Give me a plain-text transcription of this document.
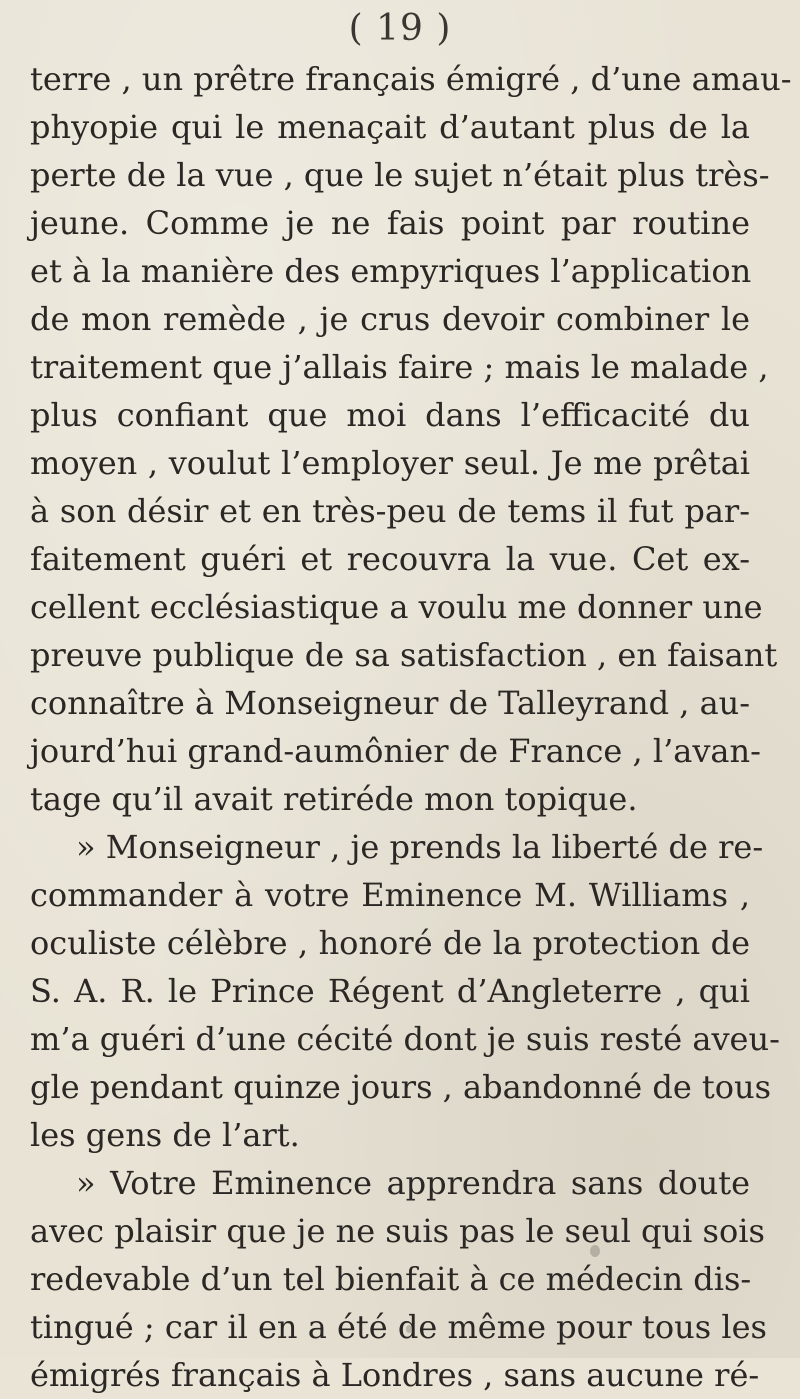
( 19 )
terre , un prêtre français émigré , d’une amau-
phyopie qui le menaçait d’autant plus de la
perte de la vue , que le sujet n’était plus très-
jeune. Comme je ne fais point par routine
et à la manière des empyriques l’application
de mon remède , je crus devoir combiner le
traitement que j’allais faire ; mais le malade ,
plus confiant que moi dans l’efficacité du
moyen , voulut l’employer seul. Je me prêtai
à son désir et en très-peu de tems il fut par-
faitement guéri et recouvra la vue. Cet ex-
cellent ecclésiastique a voulu me donner une
preuve publique de sa satisfaction , en faisant
connaître à Monseigneur de Talleyrand , au-
jourd’hui grand-aumônier de France , l’avan-
tage qu’il avait retiréde mon topique.
» Monseigneur , je prends la liberté de re-
commander à votre Eminence M. Williams ,
oculiste célèbre , honoré de la protection de
S. A. R. le Prince Régent d’Angleterre , qui
m’a guéri d’une cécité dont je suis resté aveu-
gle pendant quinze jours , abandonné de tous
les gens de l’art.
» Votre Eminence apprendra sans doute
avec plaisir que je ne suis pas le seul qui sois
redevable d’un tel bienfait à ce médecin dis-
tingué ; car il en a été de même pour tous les
émigrés français à Londres , sans aucune ré-
